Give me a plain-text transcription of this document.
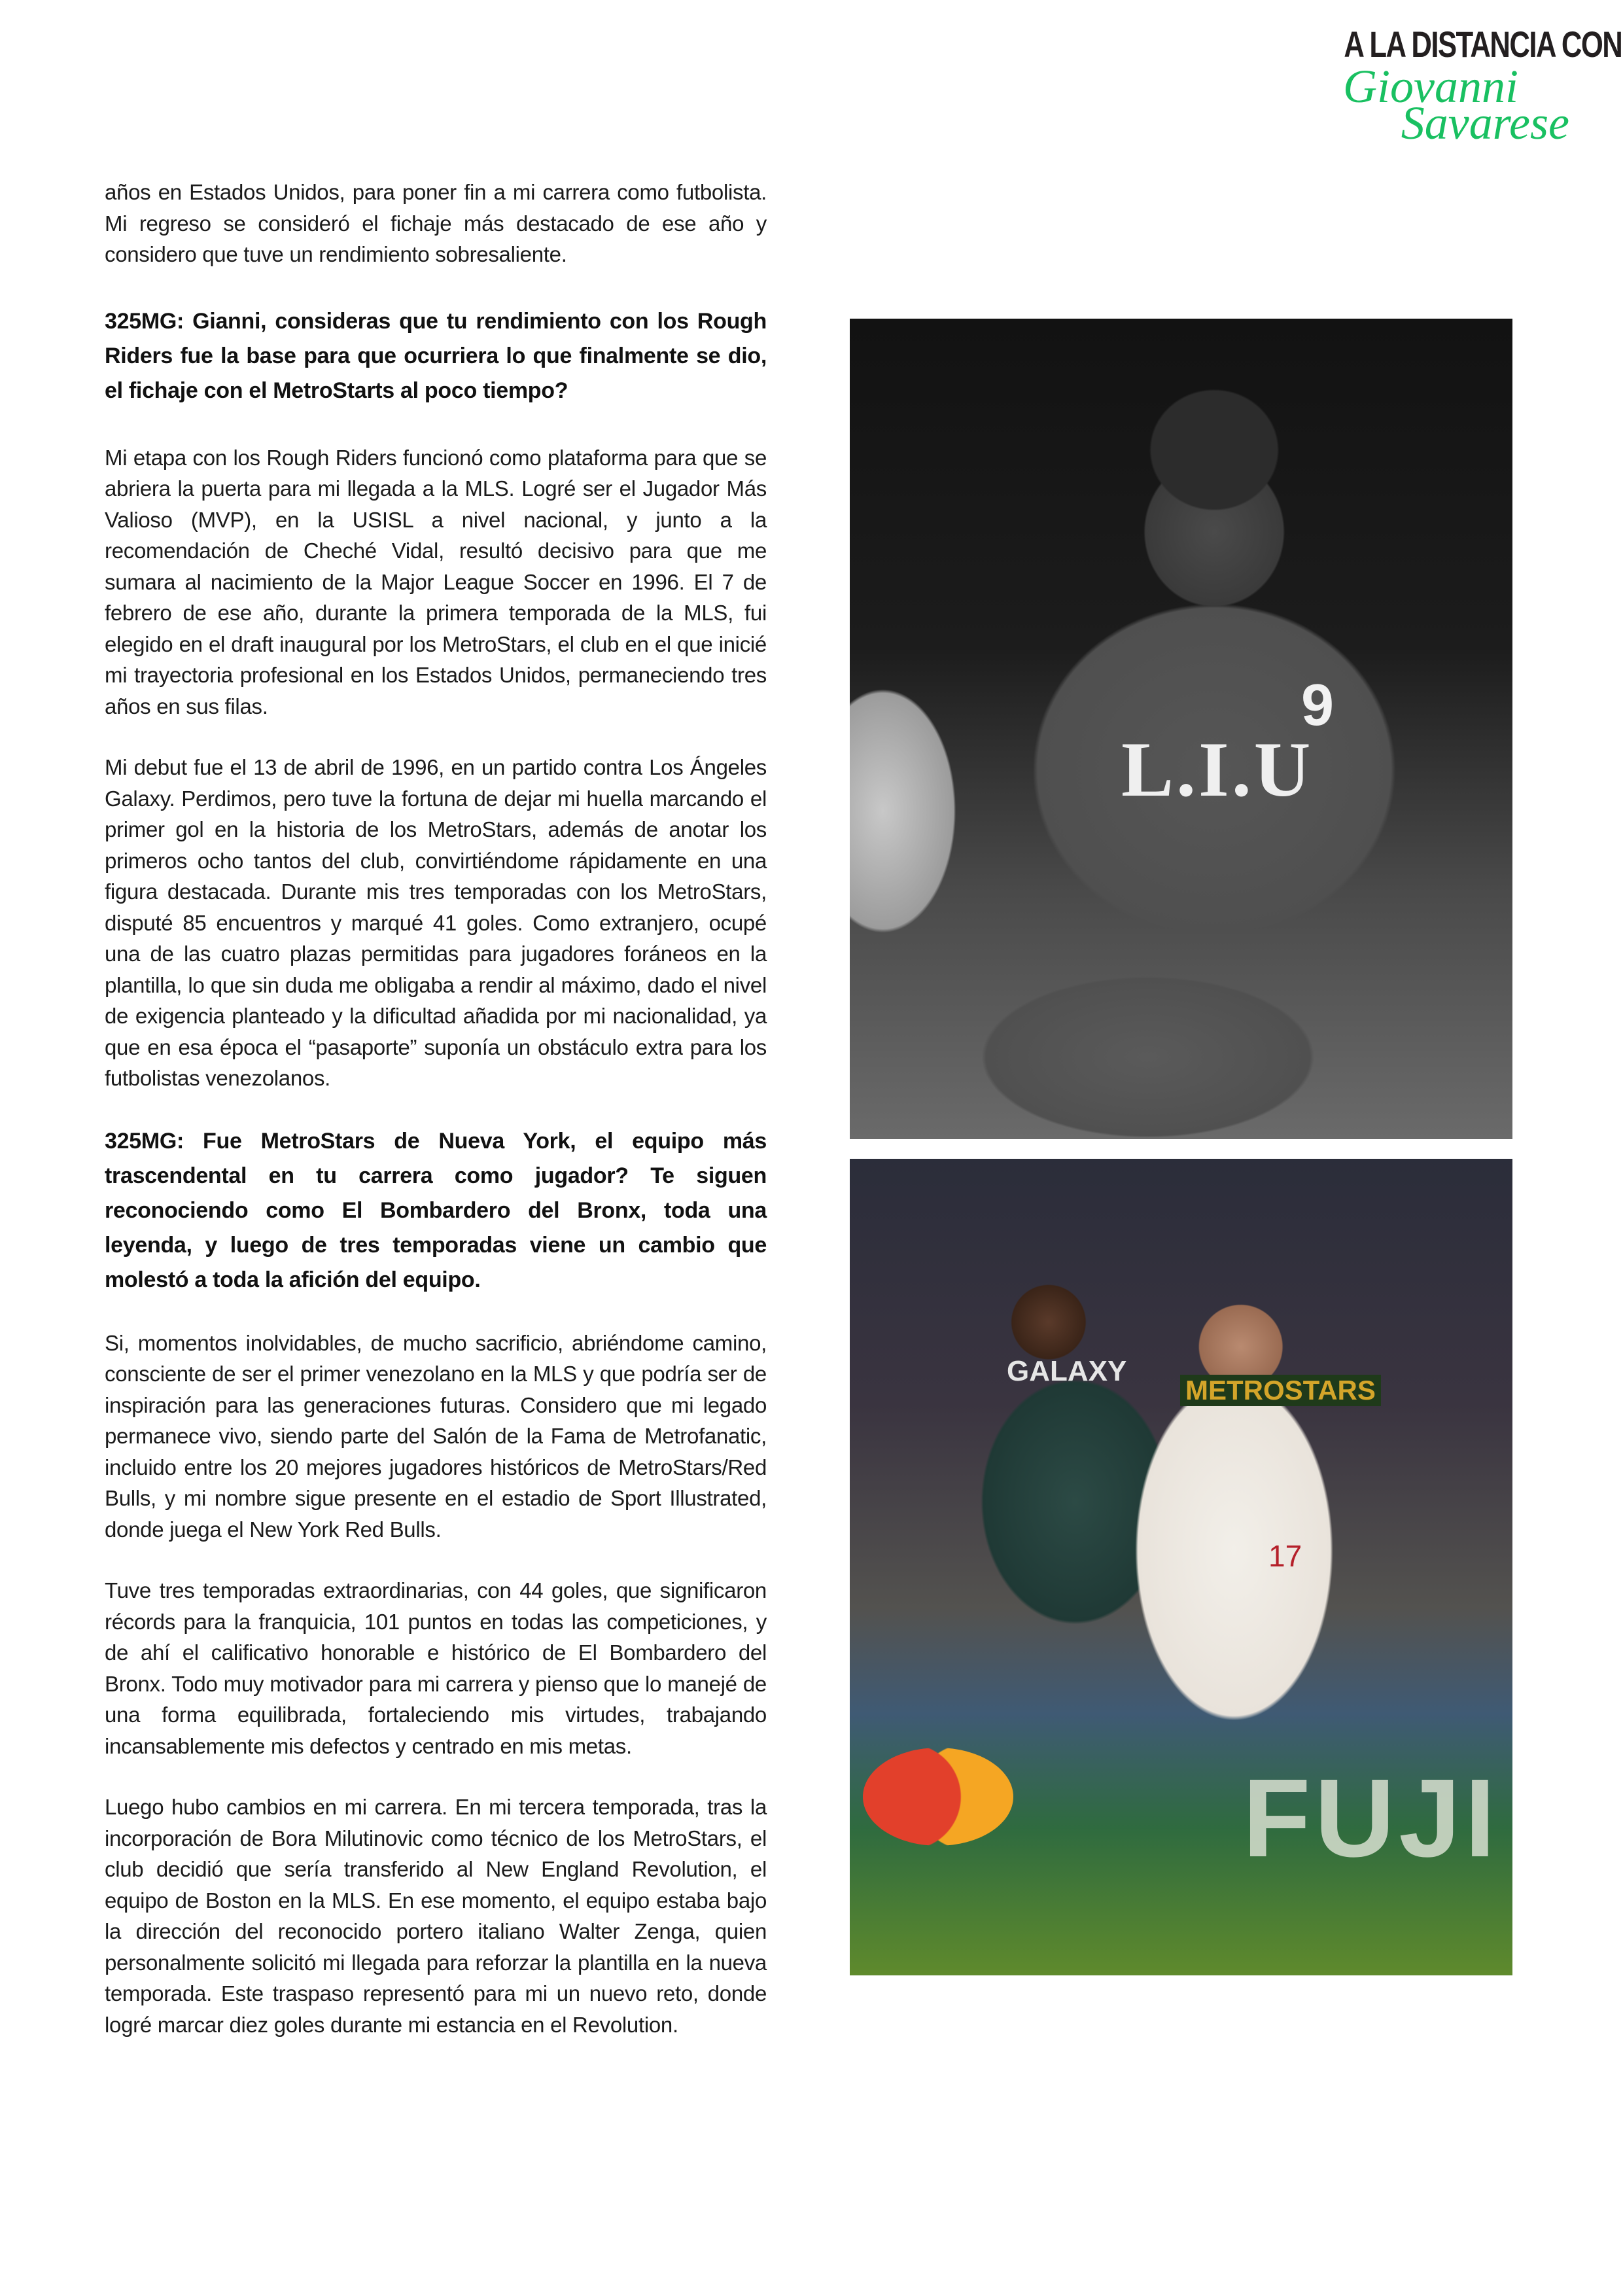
A LA DISTANCIA CON
Giovanni
Savarese

años en Estados Unidos, para poner fin a mi carrera como futbolista. Mi regreso se consideró el fichaje más destacado de ese año y considero que tuve un rendimiento sobresaliente.

325MG: Gianni, consideras que tu rendimiento con los Rough Riders fue la base para que ocurriera lo que finalmente se dio, el fichaje con el MetroStarts al poco tiempo?

Mi etapa con los Rough Riders funcionó como plataforma para que se abriera la puerta para mi llegada a la MLS. Logré ser el Jugador Más Valioso (MVP), en la USISL a nivel nacional, y junto a la recomendación de Cheché Vidal, resultó decisivo para que me sumara al nacimiento de la Major League Soccer en 1996. El 7 de febrero de ese año, durante la primera temporada de la MLS, fui elegido en el draft inaugural por los MetroStars, el club en el que inicié mi trayectoria profesional en los Estados Unidos, permaneciendo tres años en sus filas.

Mi debut fue el 13 de abril de 1996, en un partido contra Los Ángeles Galaxy. Perdimos, pero tuve la fortuna de dejar mi huella marcando el primer gol en la historia de los MetroStars, además de anotar los primeros ocho tantos del club, convirtiéndome rápidamente en una figura destacada. Durante mis tres temporadas con los MetroStars, disputé 85 encuentros y marqué 41 goles. Como extranjero, ocupé una de las cuatro plazas permitidas para jugadores foráneos en la plantilla, lo que sin duda me obligaba a rendir al máximo, dado el nivel de exigencia planteado y la dificultad añadida por mi nacionalidad, ya que en esa época el “pasaporte” suponía un obstáculo extra para los futbolistas venezolanos.

325MG: Fue MetroStars de Nueva York, el equipo más trascendental en tu carrera como jugador? Te siguen reconociendo como El Bombardero del Bronx, toda una leyenda, y luego de tres temporadas viene un cambio que molestó a toda la afición del equipo.

Si, momentos inolvidables, de mucho sacrificio, abriéndome camino, consciente de ser el primer venezolano en la MLS y que podría ser de inspiración para las generaciones futuras. Considero que mi legado permanece vivo, siendo parte del Salón de la Fama de Metrofanatic, incluido entre los 20 mejores jugadores históricos de MetroStars/Red Bulls, y mi nombre sigue presente en el estadio de Sport Illustrated, donde juega el New York Red Bulls.

Tuve tres temporadas extraordinarias, con 44 goles, que significaron récords para la franquicia, 101 puntos en todas las competiciones, y de ahí el calificativo honorable e histórico de El Bombardero del Bronx. Todo muy motivador para mi carrera y pienso que lo manejé de una forma equilibrada, fortaleciendo mis virtudes, trabajando incansablemente mis defectos y centrado en mis metas.

Luego hubo cambios en mi carrera. En mi tercera temporada, tras la incorporación de Bora Milutinovic como técnico de los MetroStars, el club decidió que sería transferido al New England Revolution, el equipo de Boston en la MLS. En ese momento, el equipo estaba bajo la dirección del reconocido portero italiano Walter Zenga, quien personalmente solicitó mi llegada para reforzar la plantilla en la nueva temporada. Este traspaso representó para mi un nuevo reto, donde logré marcar diez goles durante mi estancia en el Revolution.

9
L.I.U
FUJI
GALAXY
METROSTARS
17
